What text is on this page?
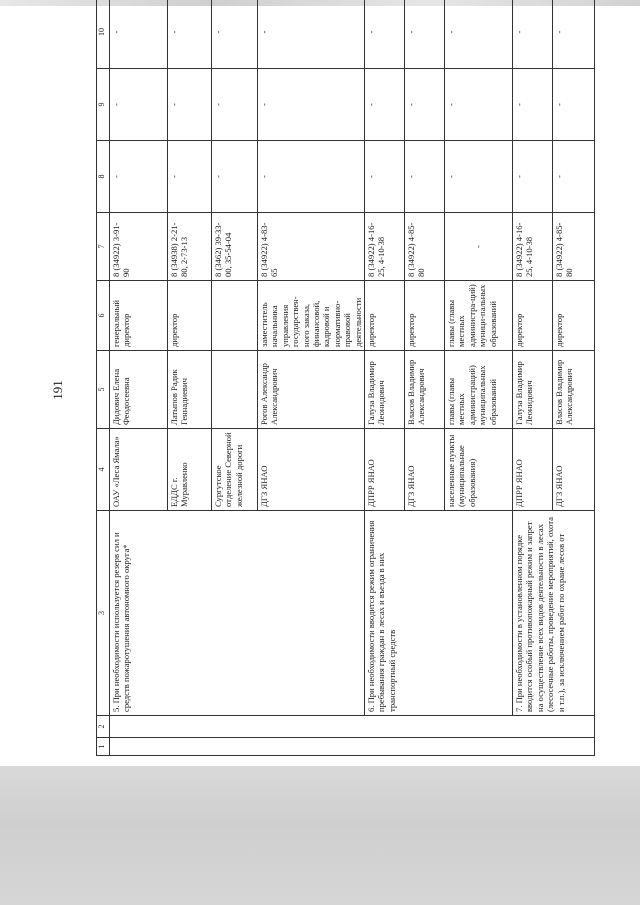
191
1	2	3	4	5	6	7	8	9	10
		5. При необходимости используется резерв сил и средств пожаротушения автономного округа*	ОАУ «Леса Ямала»	Дидович Елена Феодосеевна	генеральный директор	8 (34922) 3-91-90	-	-	-
			ЕДДС г. Муравленко	Латыпов Радик Геннадиевич	директор	8 (34938) 2-21-80, 2-73-13	-	-	-
			Сургутское отделение Северной железной дороги			8 (3462) 39-33-00, 35-54-04	-	-	-
			ДГЗ ЯНАО	Рогов Александр Александрович	заместитель начальника управления государствен-ного заказа, финансовой, кадровой и нормативно-правовой деятельности	8 (34922) 4-83-65	-	-	-
		6. При необходимости вводится режим ограничения пребывания граждан в лесах и въезда в них транспортный средств	ДПРР ЯНАО	Галуза Владимир Леонидович	директор	8 (34922) 4-16-25, 4-10-38	-	-	-
			ДГЗ ЯНАО	Власов Владимир Александрович	директор	8 (34922) 4-85-80	-	-	-
			населенные пункты (муниципальные образования)	главы (главы местных администраций) муниципальных образований	главы (главы местных администра-ций) муници-пальных образований	-	-	-	-
		7. При необходимости в установленном порядке вводится особый противопожарный режим и запрет на осуществление всех видов деятельности в лесах (лесосечные работы, проведение мероприятий, охота и т.п.), за исключением работ по охране лесов от	ДПРР ЯНАО	Галуза Владимир Леонидович	директор	8 (34922) 4-16-25, 4-10-38	-	-	-
			ДГЗ ЯНАО	Власов Владимир Александрович	директор	8 (34922) 4-85-80	-	-	-
